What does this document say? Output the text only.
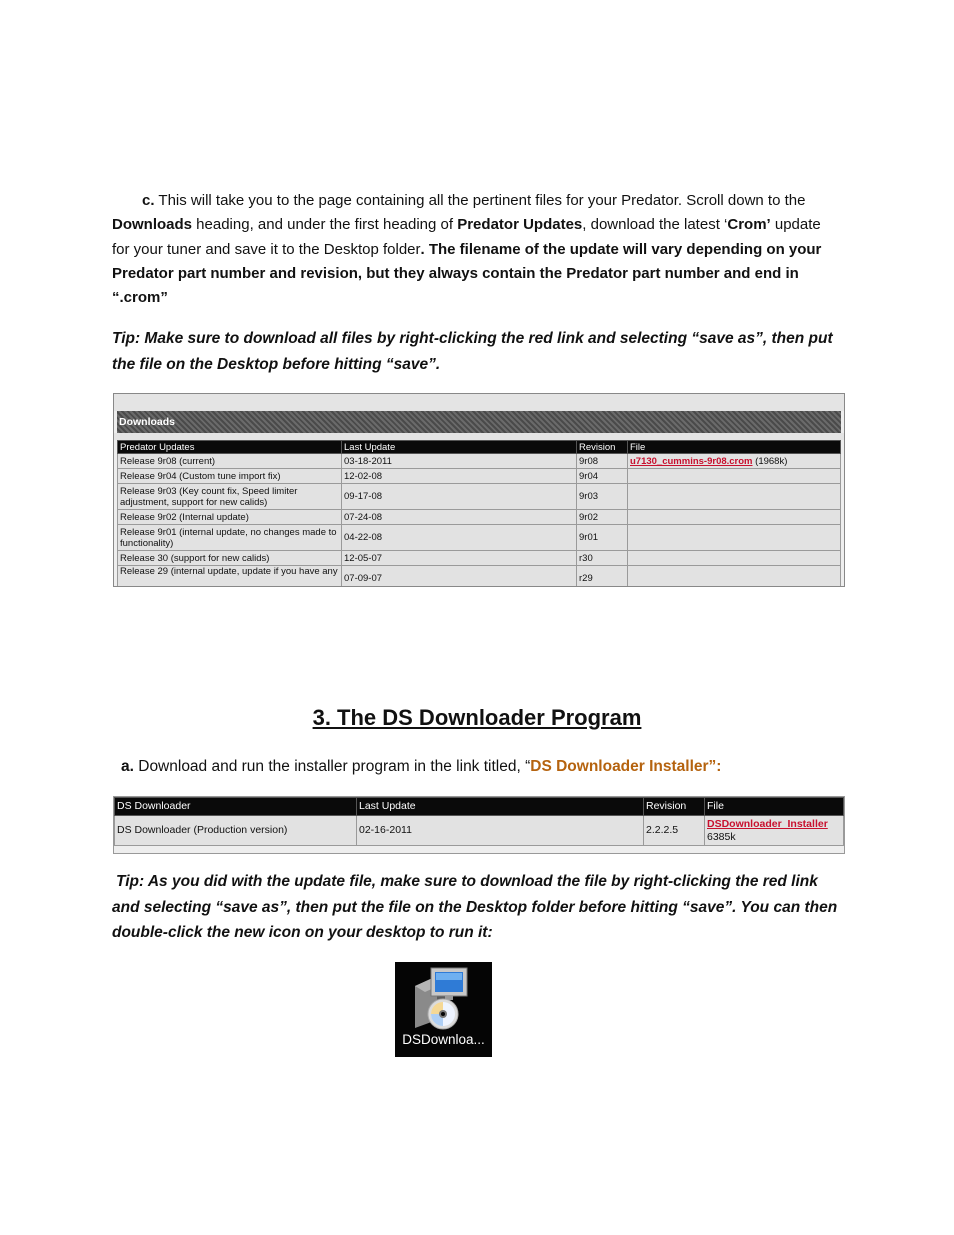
c. This will take you to the page containing all the pertinent files for your Predator. Scroll down to the Downloads heading, and under the first heading of Predator Updates, download the latest ‘Crom’ update for your tuner and save it to the Desktop folder. The filename of the update will vary depending on your Predator part number and revision, but they always contain the Predator part number and end in “.crom”
Tip: Make sure to download all files by right-clicking the red link and selecting “save as”, then put the file on the Desktop before hitting “save”.
Downloads
Predator Updates	Last Update	Revision	File
Release 9r08 (current)	03-18-2011	9r08	u7130_cummins-9r08.crom (1968k)
Release 9r04 (Custom tune import fix)	12-02-08	9r04	
Release 9r03 (Key count fix, Speed limiter adjustment, support for new calids)	09-17-08	9r03	
Release 9r02 (Internal update)	07-24-08	9r02	
Release 9r01 (internal update, no changes made to functionality)	04-22-08	9r01	
Release 30 (support for new calids)	12-05-07	r30	
Release 29 (internal update, update if you have any	07-09-07	r29	
3. The DS Downloader Program
a. Download and run the installer program in the link titled, “DS Downloader Installer”:
DS Downloader	Last Update	Revision	File
DS Downloader (Production version)	02-16-2011	2.2.2.5	DSDownloader_Installer
6385k
Tip: As you did with the update file, make sure to download the file by right-clicking the red link and selecting “save as”, then put the file on the Desktop folder before hitting “save”. You can then double-click the new icon on your desktop to run it:
DSDownloa...
